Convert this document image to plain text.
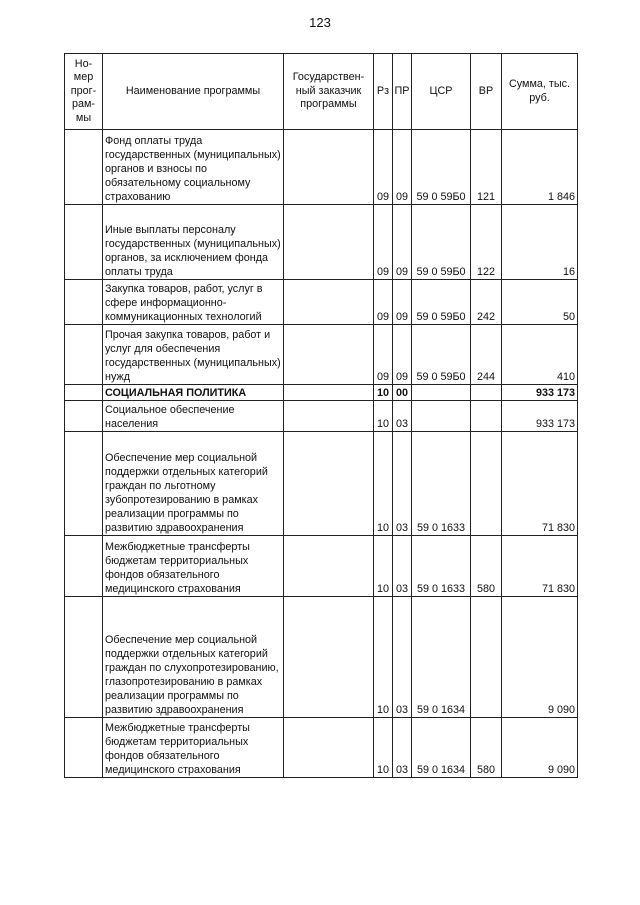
123
Но-мер прог-рам-мы	Наименование программы	Государствен-ный заказчик программы	Рз	ПР	ЦСР	ВР	Сумма, тыс. руб.
	Фонд оплаты труда государственных (муниципальных) органов и взносы по обязательному социальному страхованию		09	09	59 0 59Б0	121	1 846
	Иные выплаты персоналу государственных (муниципальных) органов, за исключением фонда оплаты труда		09	09	59 0 59Б0	122	16
	Закупка товаров, работ, услуг в сфере информационно-коммуникационных технологий		09	09	59 0 59Б0	242	50
	Прочая закупка товаров, работ и услуг для обеспечения государственных (муниципальных) нужд		09	09	59 0 59Б0	244	410
	СОЦИАЛЬНАЯ ПОЛИТИКА		10	00			933 173
	Социальное обеспечение населения		10	03			933 173
	Обеспечение мер социальной поддержки отдельных категорий граждан по льготному зубопротезированию в рамках реализации программы по развитию здравоохранения		10	03	59 0 1633		71 830
	Межбюджетные трансферты бюджетам территориальных фондов обязательного медицинского страхования		10	03	59 0 1633	580	71 830
	Обеспечение мер социальной поддержки отдельных категорий граждан по слухопротезированию, глазопротезированию в рамках реализации программы по развитию здравоохранения		10	03	59 0 1634		9 090
	Межбюджетные трансферты бюджетам территориальных фондов обязательного медицинского страхования		10	03	59 0 1634	580	9 090
